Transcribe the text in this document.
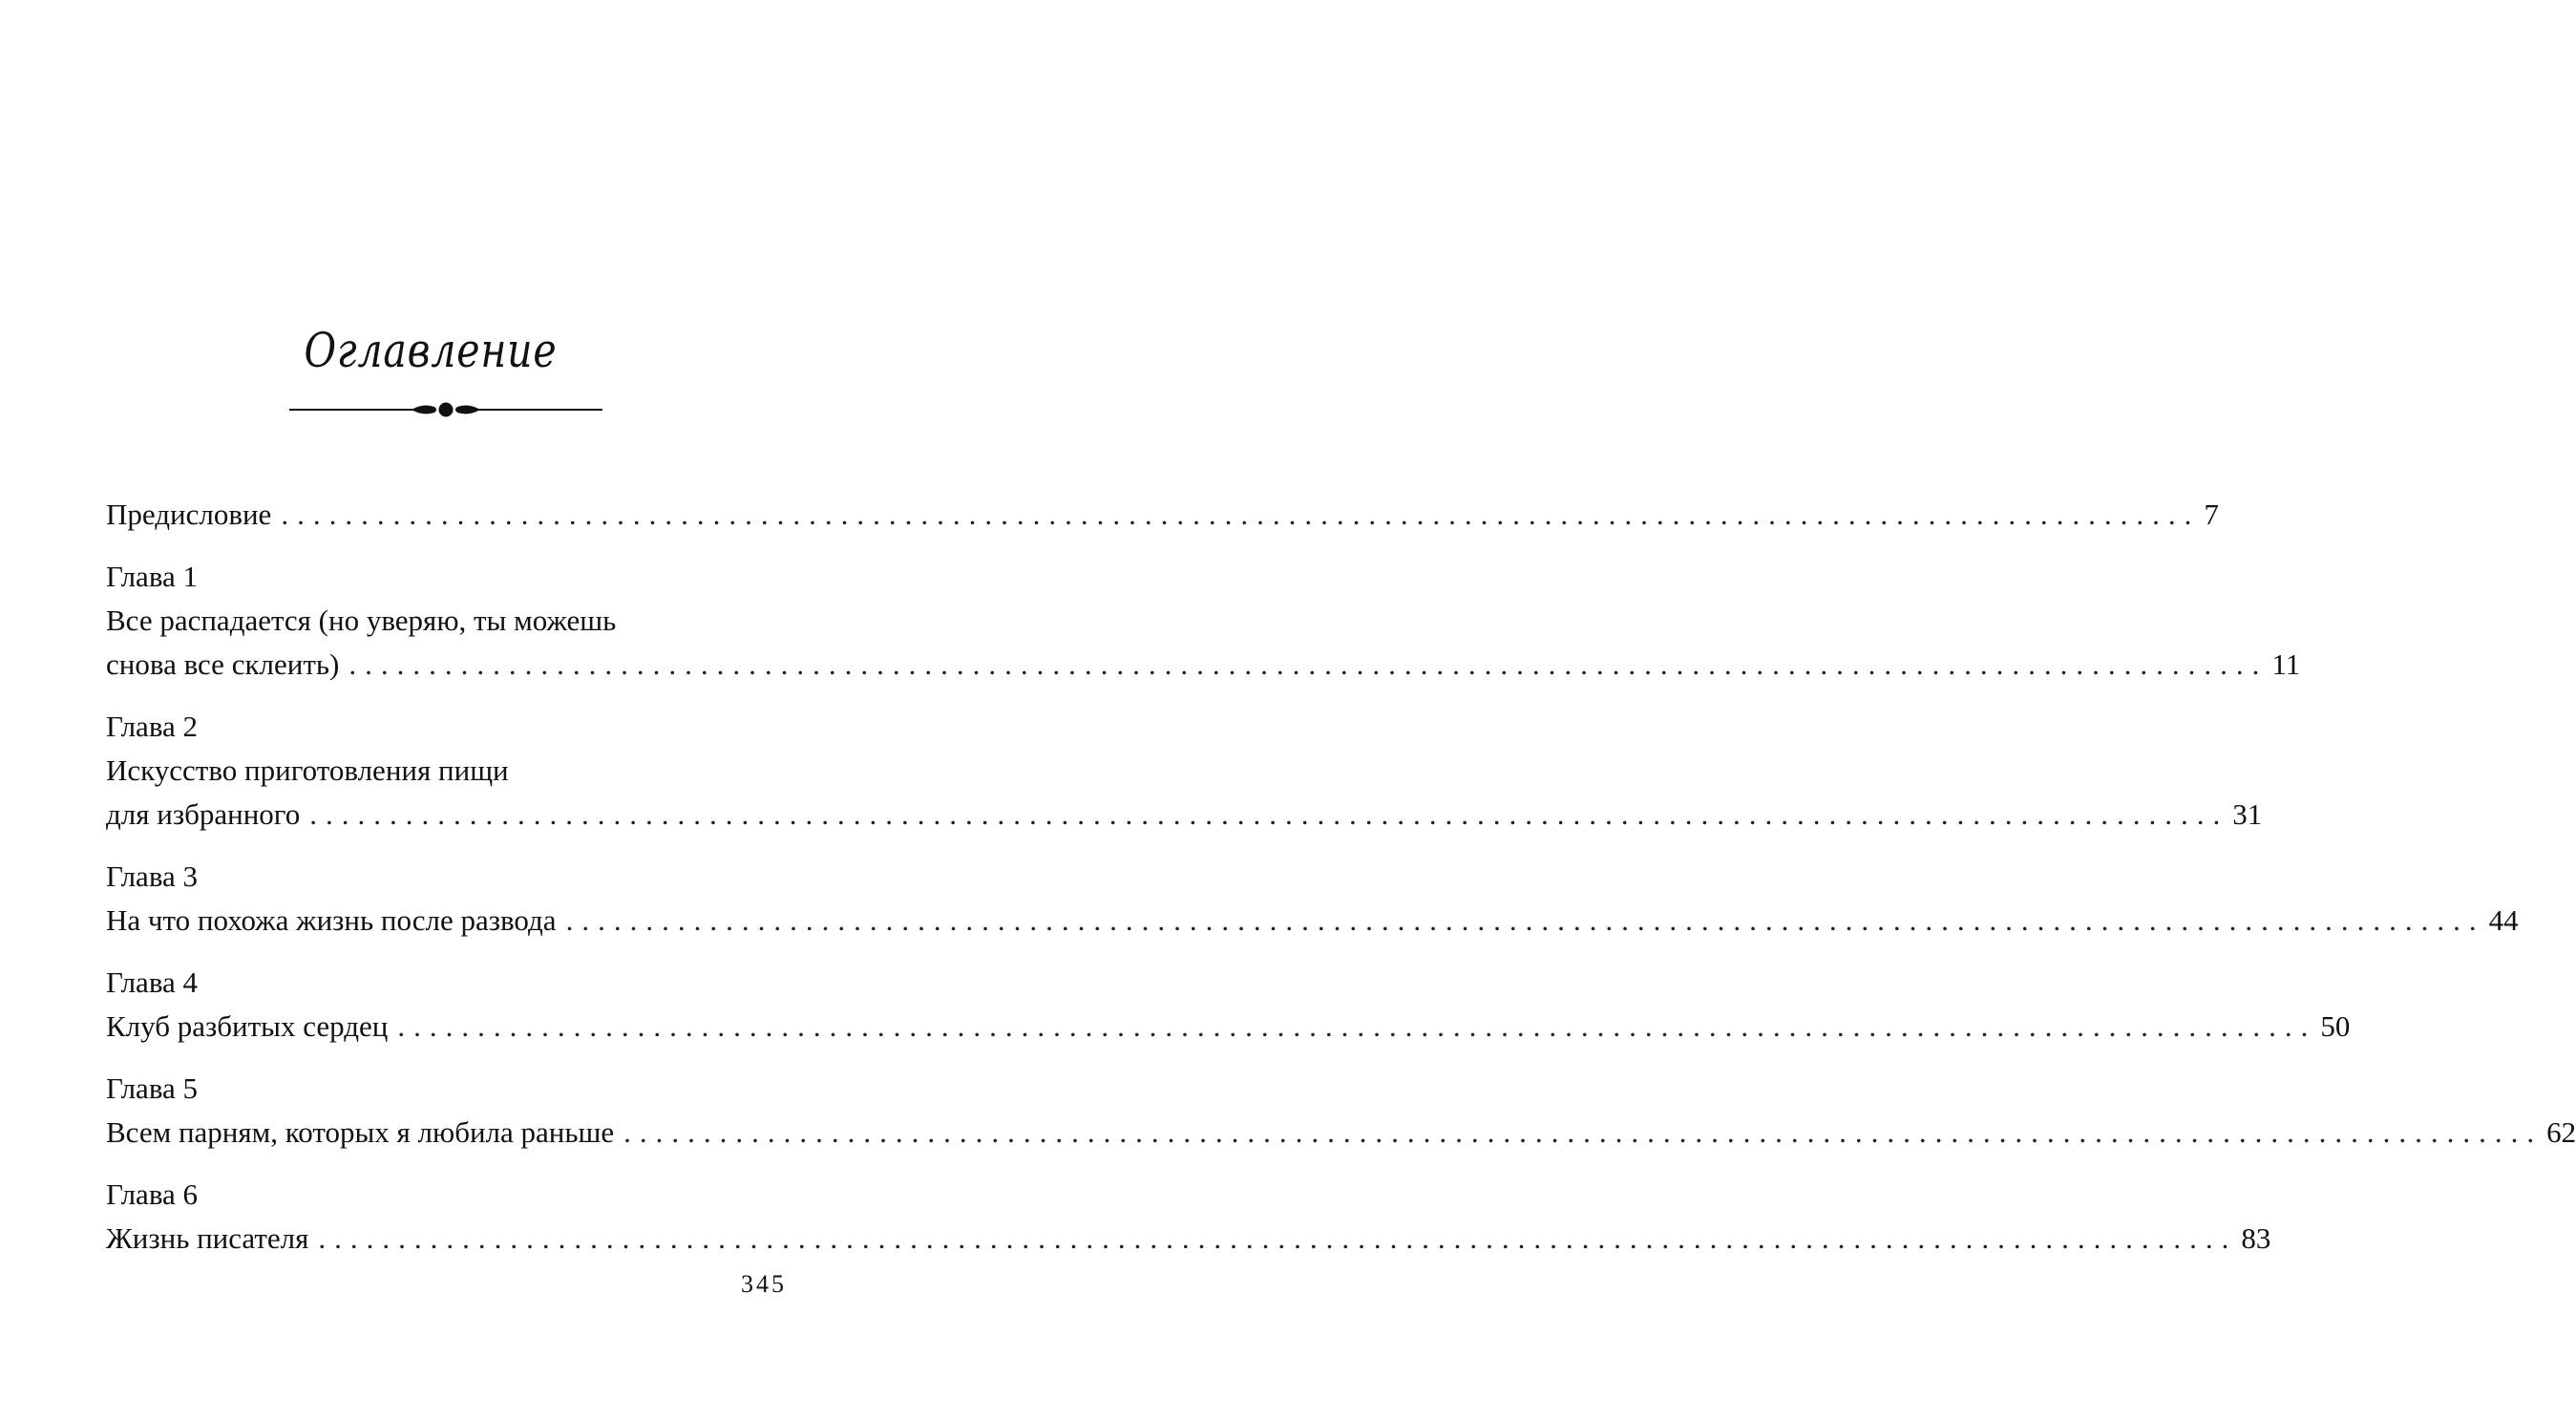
Оглавление
Предисловие ........................................................................................................................ 7
Глава 1
Все распадается (но уверяю, ты можешь
снова все склеить) ........................................................................................................................ 11
Глава 2
Искусство приготовления пищи
для избранного ........................................................................................................................ 31
Глава 3
На что похожа жизнь после развода ........................................................................................................................ 44
Глава 4
Клуб разбитых сердец ........................................................................................................................ 50
Глава 5
Всем парням, которых я любила раньше ........................................................................................................................ 62
Глава 6
Жизнь писателя ........................................................................................................................ 83
345
